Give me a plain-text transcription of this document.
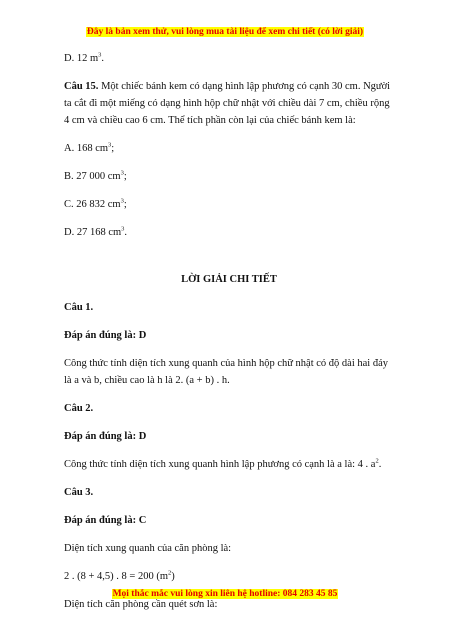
Đây là bản xem thử, vui lòng mua tài liệu để xem chi tiết (có lời giải)

D. 12 $m^3$.

Câu 15. Một chiếc bánh kem có dạng hình lập phương có cạnh 30 cm. Người ta cắt đi một miếng có dạng hình hộp chữ nhật với chiều dài 7 cm, chiều rộng 4 cm và chiều cao 6 cm. Thể tích phần còn lại của chiếc bánh kem là:

A. 168 $cm^3$;

B. 27 000 $cm^3$;

C. 26 832 $cm^3$;

D. 27 168 $cm^3$.

LỜI GIẢI CHI TIẾT

Câu 1.

Đáp án đúng là: D

Công thức tính diện tích xung quanh của hình hộp chữ nhật có độ dài hai đáy là a và b, chiều cao là h là 2. (a + b) . h.

Câu 2.

Đáp án đúng là: D

Công thức tính diện tích xung quanh hình lập phương có cạnh là a là: 4 . $a^2$.

Câu 3.

Đáp án đúng là: C

Diện tích xung quanh của căn phòng là:

2 . (8 + 4,5) . 8 = 200 $(m^2)$

Diện tích căn phòng cần quét sơn là:

Mọi thắc mắc vui lòng xin liên hệ hotline: 084 283 45 85
